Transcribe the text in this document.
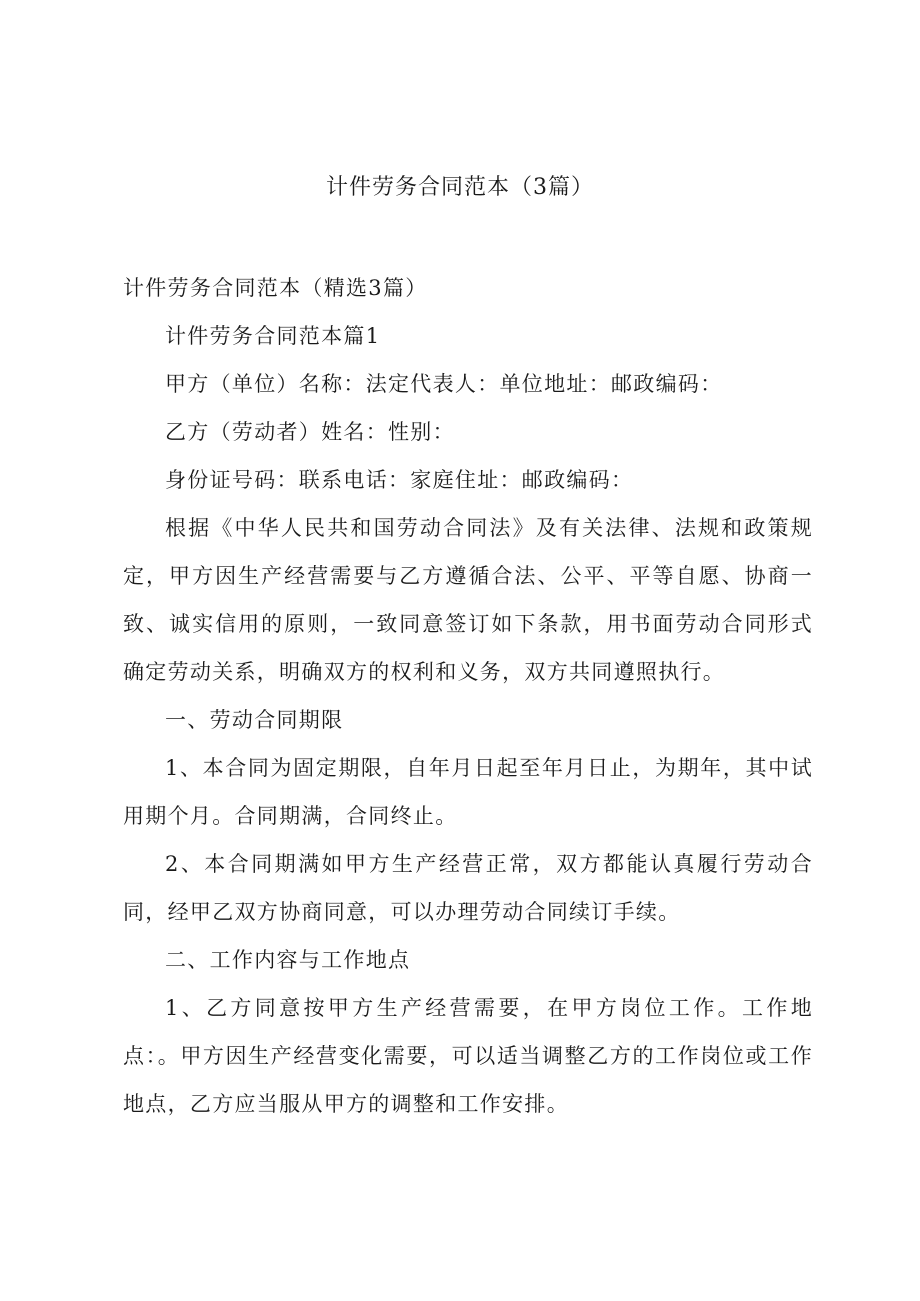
计件劳务合同范本（3篇）

计件劳务合同范本（精选3篇）

计件劳务合同范本篇1

甲方（单位）名称：法定代表人：单位地址：邮政编码：

乙方（劳动者）姓名：性别：

身份证号码：联系电话：家庭住址：邮政编码：

根据《中华人民共和国劳动合同法》及有关法律、法规和政策规定，甲方因生产经营需要与乙方遵循合法、公平、平等自愿、协商一致、诚实信用的原则，一致同意签订如下条款，用书面劳动合同形式确定劳动关系，明确双方的权利和义务，双方共同遵照执行。

一、劳动合同期限

1、本合同为固定期限，自年月日起至年月日止，为期年，其中试用期个月。合同期满，合同终止。

2、本合同期满如甲方生产经营正常，双方都能认真履行劳动合同，经甲乙双方协商同意，可以办理劳动合同续订手续。

二、工作内容与工作地点

1、乙方同意按甲方生产经营需要，在甲方岗位工作。工作地点：。甲方因生产经营变化需要，可以适当调整乙方的工作岗位或工作地点，乙方应当服从甲方的调整和工作安排。
